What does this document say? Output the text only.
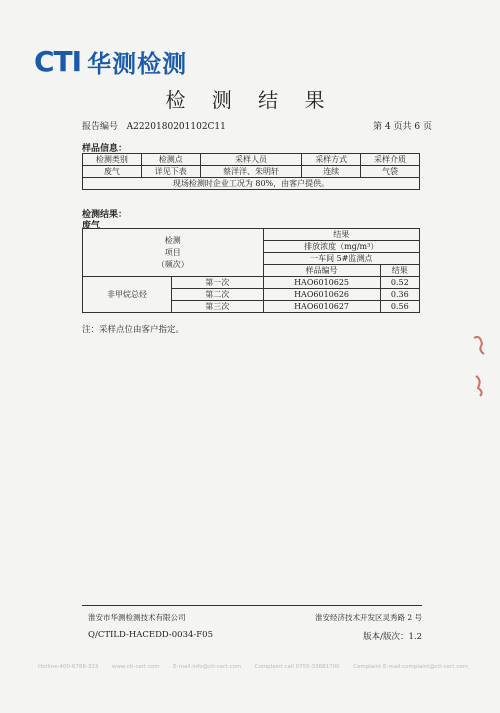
CTI 华测检测
检 测 结 果
报告编号 A2220180201102C11	第 4 页共 6 页
样品信息：
检测类别	检测点	采样人员	采样方式	采样介质
废气	详见下表	蔡洋洋、朱明轩	连续	气袋
现场检测时企业工况为 80%，由客户提供。				
检测结果：
废气
检测
项目
（频次）		结果	
		排放浓度（mg/m³）	
		一车间 5#监测点	
		样品编号	结果
非甲烷总烃	第一次	HAO6010625	0.52
	第二次	HAO6010626	0.36
	第三次	HAO6010627	0.56
注：采样点位由客户指定。
淮安市华测检测技术有限公司	淮安经济技术开发区灵秀路 2 号
Q/CTILD-HACEDD-0034-F05	版本/版次：1.2
Hotline:400-6788-333 www.cti-cert.com E-mail:info@cti-cert.com Complaint call 0755-33681700 Complaint E-mail:complaint@cti-cert.com
